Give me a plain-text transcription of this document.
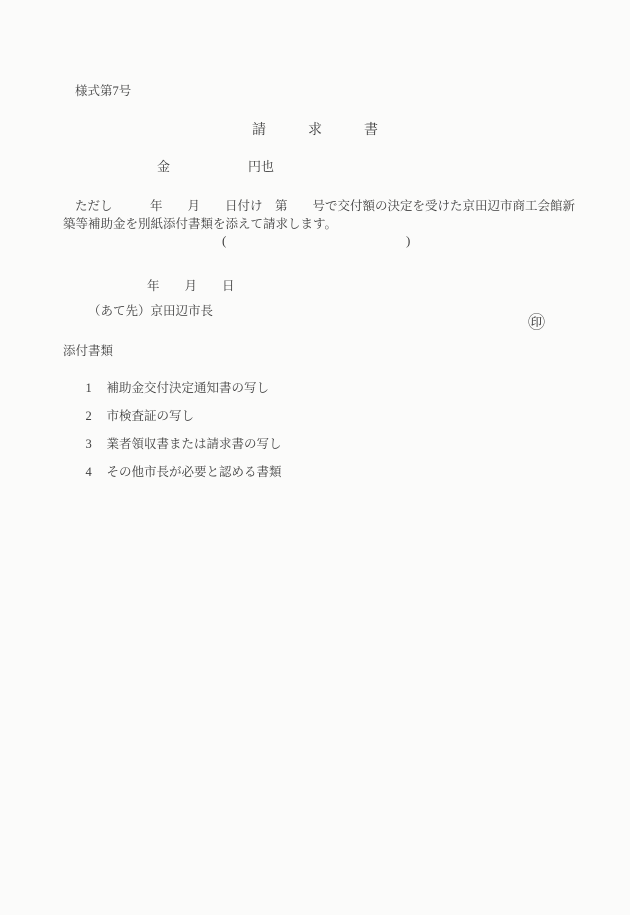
様式第7号
請　　　求　　　書
金	円也
ただし　　　年　　月　　日付け　第　　号で交付額の決定を受けた京田辺市商工会館新
築等補助金を別紙添付書類を添えて請求します。
(	)
年　　月　　日
（あて先）京田辺市長
㊞
添付書類

1 補助金交付決定通知書の写し

2 市検査証の写し

3 業者領収書または請求書の写し

4 その他市長が必要と認める書類
